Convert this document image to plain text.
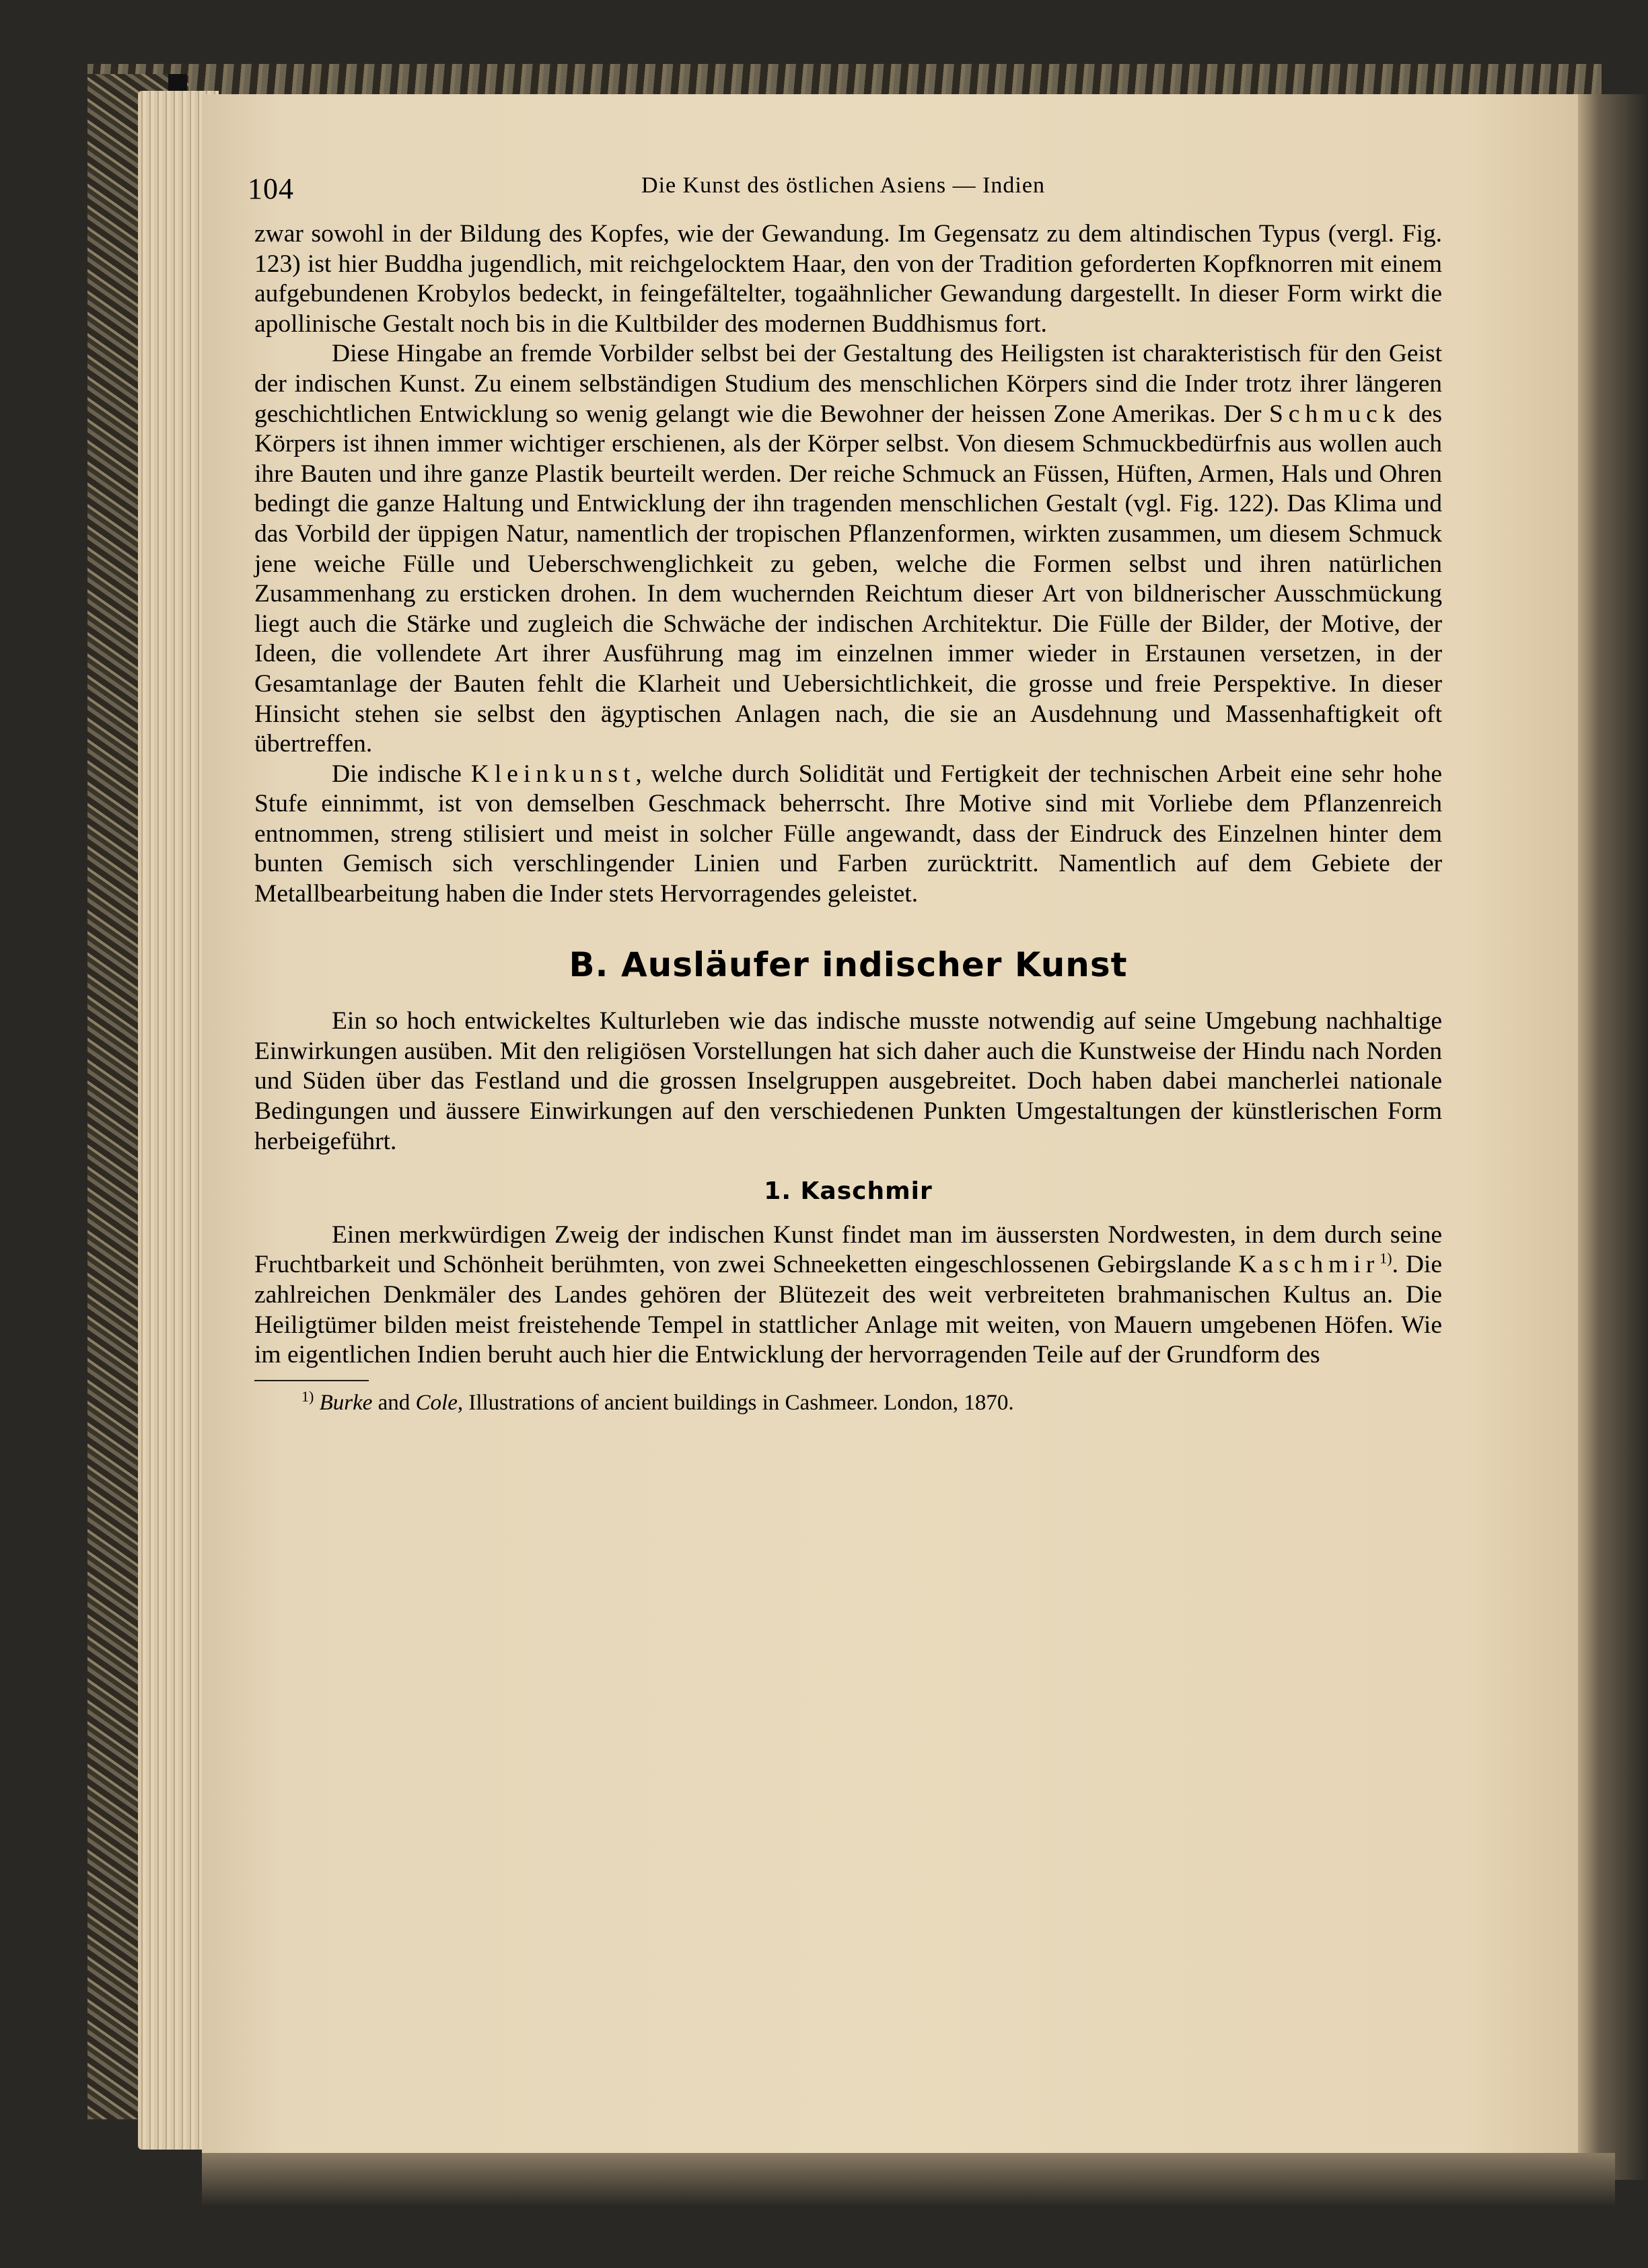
104	Die Kunst des östlichen Asiens — Indien

zwar sowohl in der Bildung des Kopfes, wie der Gewandung. Im Gegensatz zu dem altindischen Typus (vergl. Fig. 123) ist hier Buddha jugendlich, mit reichgelocktem Haar, den von der Tradition geforderten Kopfknorren mit einem aufgebundenen Krobylos bedeckt, in feingefältelter, togaähnlicher Gewandung dargestellt. In dieser Form wirkt die apollinische Gestalt noch bis in die Kultbilder des modernen Buddhismus fort.

Diese Hingabe an fremde Vorbilder selbst bei der Gestaltung des Heiligsten ist charakteristisch für den Geist der indischen Kunst. Zu einem selbständigen Studium des menschlichen Körpers sind die Inder trotz ihrer längeren geschichtlichen Entwicklung so wenig gelangt wie die Bewohner der heissen Zone Amerikas. Der Schmuck des Körpers ist ihnen immer wichtiger erschienen, als der Körper selbst. Von diesem Schmuckbedürfnis aus wollen auch ihre Bauten und ihre ganze Plastik beurteilt werden. Der reiche Schmuck an Füssen, Hüften, Armen, Hals und Ohren bedingt die ganze Haltung und Entwicklung der ihn tragenden menschlichen Gestalt (vgl. Fig. 122). Das Klima und das Vorbild der üppigen Natur, namentlich der tropischen Pflanzenformen, wirkten zusammen, um diesem Schmuck jene weiche Fülle und Ueberschwenglichkeit zu geben, welche die Formen selbst und ihren natürlichen Zusammenhang zu ersticken drohen. In dem wuchernden Reichtum dieser Art von bildnerischer Ausschmückung liegt auch die Stärke und zugleich die Schwäche der indischen Architektur. Die Fülle der Bilder, der Motive, der Ideen, die vollendete Art ihrer Ausführung mag im einzelnen immer wieder in Erstaunen versetzen, in der Gesamtanlage der Bauten fehlt die Klarheit und Uebersichtlichkeit, die grosse und freie Perspektive. In dieser Hinsicht stehen sie selbst den ägyptischen Anlagen nach, die sie an Ausdehnung und Massenhaftigkeit oft übertreffen.

Die indische Kleinkunst, welche durch Solidität und Fertigkeit der technischen Arbeit eine sehr hohe Stufe einnimmt, ist von demselben Geschmack beherrscht. Ihre Motive sind mit Vorliebe dem Pflanzenreich entnommen, streng stilisiert und meist in solcher Fülle angewandt, dass der Eindruck des Einzelnen hinter dem bunten Gemisch sich verschlingender Linien und Farben zurücktritt. Namentlich auf dem Gebiete der Metallbearbeitung haben die Inder stets Hervorragendes geleistet.

B. Ausläufer indischer Kunst

Ein so hoch entwickeltes Kulturleben wie das indische musste notwendig auf seine Umgebung nachhaltige Einwirkungen ausüben. Mit den religiösen Vorstellungen hat sich daher auch die Kunstweise der Hindu nach Norden und Süden über das Festland und die grossen Inselgruppen ausgebreitet. Doch haben dabei mancherlei nationale Bedingungen und äussere Einwirkungen auf den verschiedenen Punkten Umgestaltungen der künstlerischen Form herbeigeführt.

1. Kaschmir

Einen merkwürdigen Zweig der indischen Kunst findet man im äussersten Nordwesten, in dem durch seine Fruchtbarkeit und Schönheit berühmten, von zwei Schneeketten eingeschlossenen Gebirgslande Kaschmir$^{1)}$. Die zahlreichen Denkmäler des Landes gehören der Blütezeit des weit verbreiteten brahmanischen Kultus an. Die Heiligtümer bilden meist freistehende Tempel in stattlicher Anlage mit weiten, von Mauern umgebenen Höfen. Wie im eigentlichen Indien beruht auch hier die Entwicklung der hervorragenden Teile auf der Grundform des

$^{1)}$ Burke and Cole, Illustrations of ancient buildings in Cashmeer. London, 1870.
